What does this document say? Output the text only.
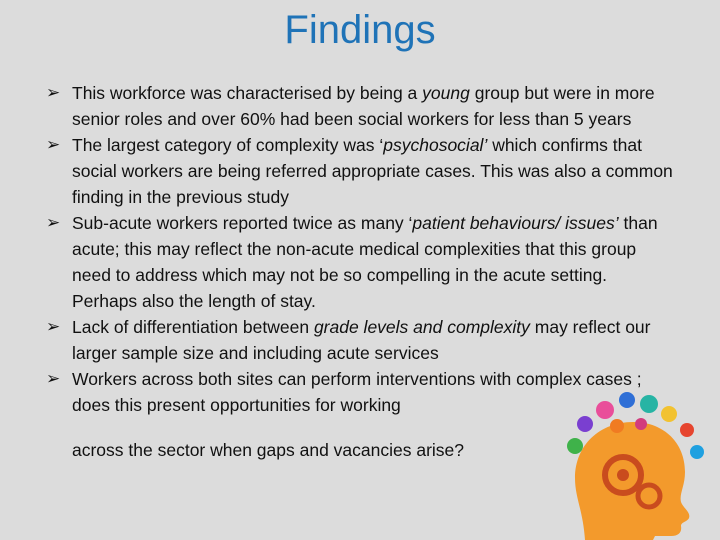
Findings
➢ This workforce was characterised by being a young group but were in more senior roles and over 60% had been social workers for less than 5 years
➢ The largest category of complexity was ‘psychosocial’ which confirms that social workers are being referred appropriate cases. This was also a common finding in the previous study
➢ Sub-acute workers reported twice as many ‘patient behaviours/ issues’ than acute; this may reflect the non-acute medical complexities that this group need to address which may not be so compelling in the acute setting. Perhaps also the length of stay.
➢ Lack of differentiation between grade levels and complexity may reflect our larger sample size and including acute services
➢ Workers across both sites can perform interventions with complex cases ; does this present opportunities for working
across the sector when gaps and vacancies arise?
